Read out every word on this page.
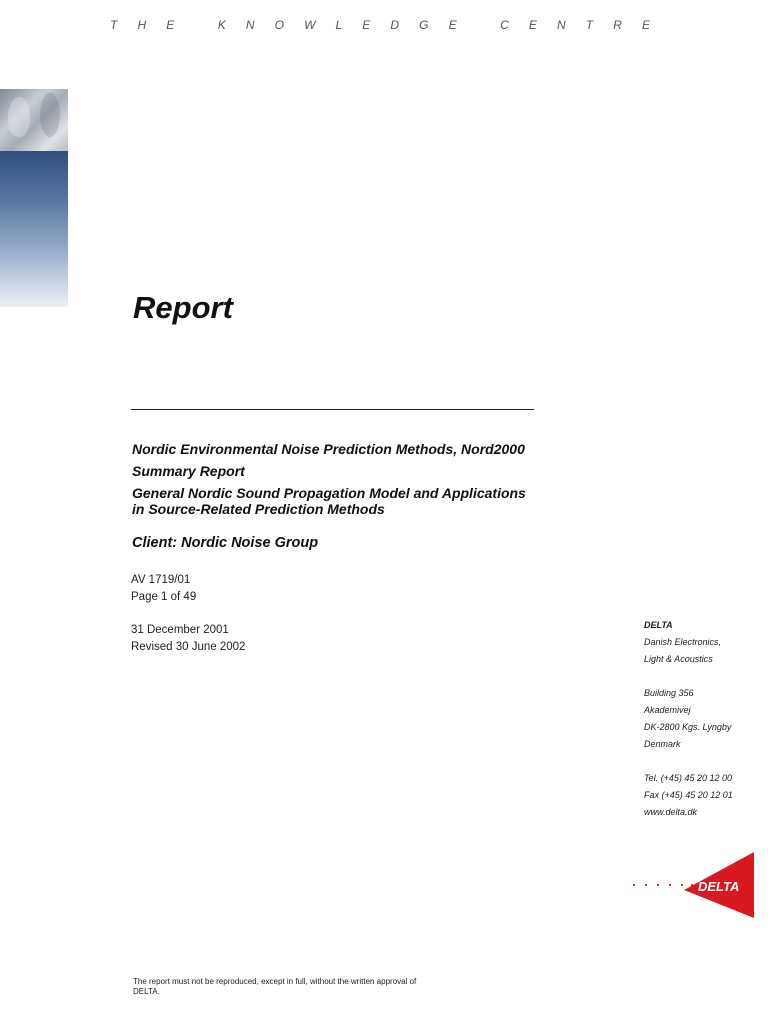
T H E
	K N O W L E D G E
	C E N T R E
Report
Nordic Environmental Noise Prediction Methods, Nord2000
Summary Report
General Nordic Sound Propagation Model and Applications
in Source-Related Prediction Methods
Client: Nordic Noise Group
AV 1719/01
Page 1 of 49
31 December 2001
Revised 30 June 2002
DELTA
Danish Electronics,
Light & Acoustics
Building 356
Akademivej
DK-2800 Kgs. Lyngby
Denmark
Tel. (+45) 45 20 12 00
Fax (+45) 45 20 12 01
www.delta.dk
DELTA
The report must not be reproduced, except in full, without the written approval of DELTA.
